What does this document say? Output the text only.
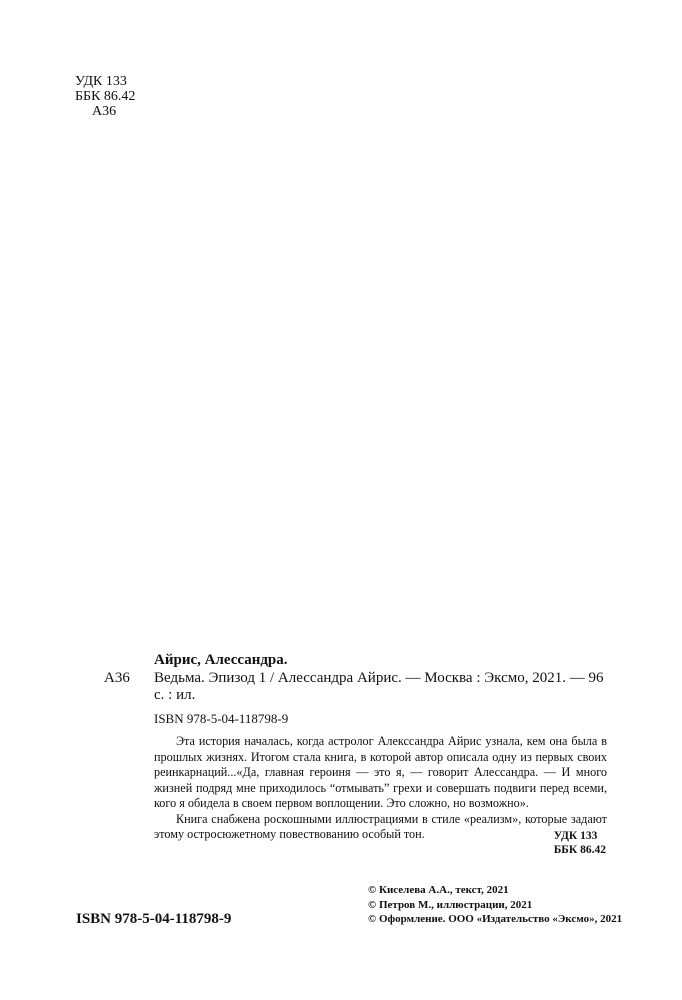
УДК 133
ББК 86.42
А36
Айрис, Алессандра.
А36 Ведьма. Эпизод 1 / Алессандра Айрис. — Москва : Эксмо, 2021. — 96 с. : ил.
ISBN 978-5-04-118798-9

Эта история началась, когда астролог Алекссандра Айрис узнала, кем она была в прошлых жизнях. Итогом стала книга, в которой автор описала одну из первых своих реинкарнаций...«Да, главная героиня — это я, — говорит Алессандра. — И много жизней подряд мне приходилось “отмывать” грехи и совершать подвиги перед всеми, кого я обидела в своем первом воплощении. Это сложно, но возможно».

Книга снабжена роскошными иллюстрациями в стиле «реализм», которые задают этому остросюжетному повествованию особый тон.	УДК 133
ББК 86.42
© Киселева А.А., текст, 2021
© Петров М., иллюстрации, 2021
© Оформление. ООО «Издательство «Эксмо», 2021
ISBN 978-5-04-118798-9
